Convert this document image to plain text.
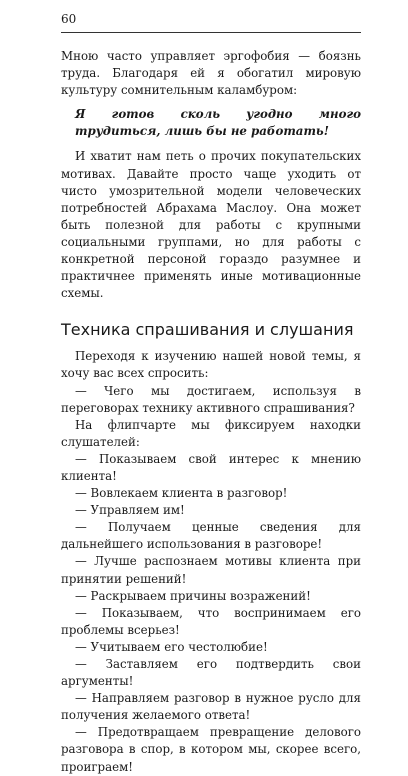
60

Мною часто управляет эргофобия — боязнь труда. Благодаря ей я обогатил мировую культуру сомнительным каламбуром:

Я готов сколь угодно много трудиться, лишь бы не работать!

И хватит нам петь о прочих покупательских мотивах. Давайте просто чаще уходить от чисто умозрительной модели человеческих потребностей Абрахама Маслоу. Она может быть полезной для работы с крупными социальными группами, но для работы с конкретной персоной гораздо разумнее и практичнее применять иные мотивационные схемы.

Техника спрашивания и слушания

Переходя к изучению нашей новой темы, я хочу вас всех спросить:

— Чего мы достигаем, используя в переговорах технику активного спрашивания?

На флипчарте мы фиксируем находки слушателей:

— Показываем свой интерес к мнению клиента!

— Вовлекаем клиента в разговор!

— Управляем им!

— Получаем ценные сведения для дальнейшего использования в разговоре!

— Лучше распознаем мотивы клиента при принятии решений!

— Раскрываем причины возражений!

— Показываем, что воспринимаем его проблемы всерьез!

— Учитываем его честолюбие!

— Заставляем его подтвердить свои аргументы!

— Направляем разговор в нужное русло для получения желаемого ответа!

— Предотвращаем превращение делового разговора в спор, в котором мы, скорее всего, проиграем!
